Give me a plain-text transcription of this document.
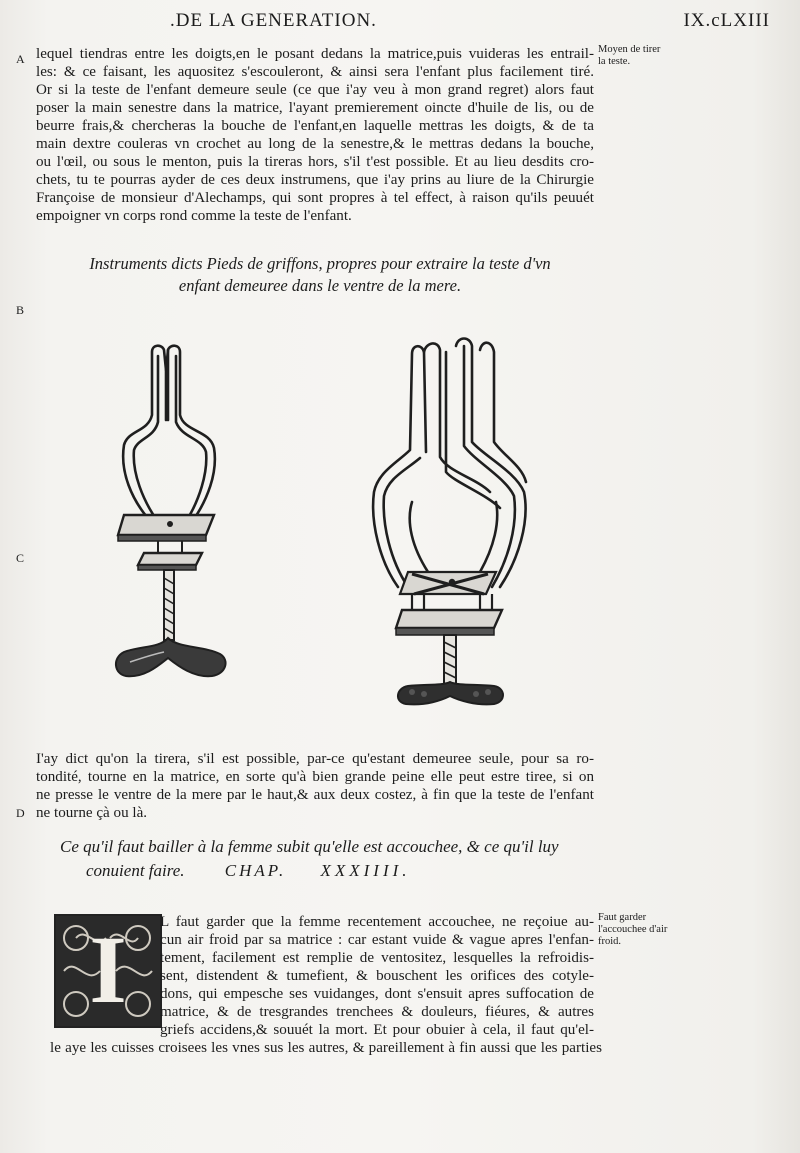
.DE LA GENERATION.	IX.cLXIII
A
B
C
D
Moyen de tirer la teste.
Faut garder l'accouchee d'air froid.
lequel tiendras entre les doigts,en le posant dedans la matrice,puis vuideras les entrail-
les: & ce faisant, les aquositez s'escouleront, & ainsi sera l'enfant plus facilement tiré.
Or si la teste de l'enfant demeure seule (ce que i'ay veu à mon grand regret) alors faut
poser la main senestre dans la matrice, l'ayant premierement oincte d'huile de lis, ou de
beurre frais,& chercheras la bouche de l'enfant,en laquelle mettras les doigts, & de ta
main dextre couleras vn crochet au long de la senestre,& le mettras dedans la bouche,
ou l'œil, ou sous le menton, puis la tireras hors, s'il t'est possible. Et au lieu desdits cro-
chets, tu te pourras ayder de ces deux instrumens, que i'ay prins au liure de la Chirurgie
Françoise de monsieur d'Alechamps, qui sont propres à tel effect, à raison qu'ils peuuét
empoigner vn corps rond comme la teste de l'enfant.
Instruments dicts Pieds de griffons, propres pour extraire la teste d'vn
enfant demeuree dans le ventre de la mere.
I'ay dict qu'on la tirera, s'il est possible, par-ce qu'estant demeuree seule, pour sa ro-
tondité, tourne en la matrice, en sorte qu'à bien grande peine elle peut estre tiree, si on
ne presse le ventre de la mere par le haut,& aux deux costez, à fin que la teste de l'enfant
ne tourne çà ou là.
Ce qu'il faut bailler à la femme subit qu'elle est accouchee, & ce qu'il luy
conuient faire. CHAP. XXXIIII.
I	L faut garder que la femme recentement accouchee, ne reçoiue au-
cun air froid par sa matrice : car estant vuide & vague apres l'enfan-
tement, facilement est remplie de ventositez, lesquelles la refroidis-
sent, distendent & tumefient, & bouschent les orifices des cotyle-
dons, qui empesche ses vuidanges, dont s'ensuit apres suffocation de
matrice, & de tresgrandes trenchees & douleurs, fiéures, & autres
griefs accidens,& souuét la mort. Et pour obuier à cela, il faut qu'el-
le aye les cuisses croisees les vnes sus les autres, & pareillement à fin aussi que les parties
